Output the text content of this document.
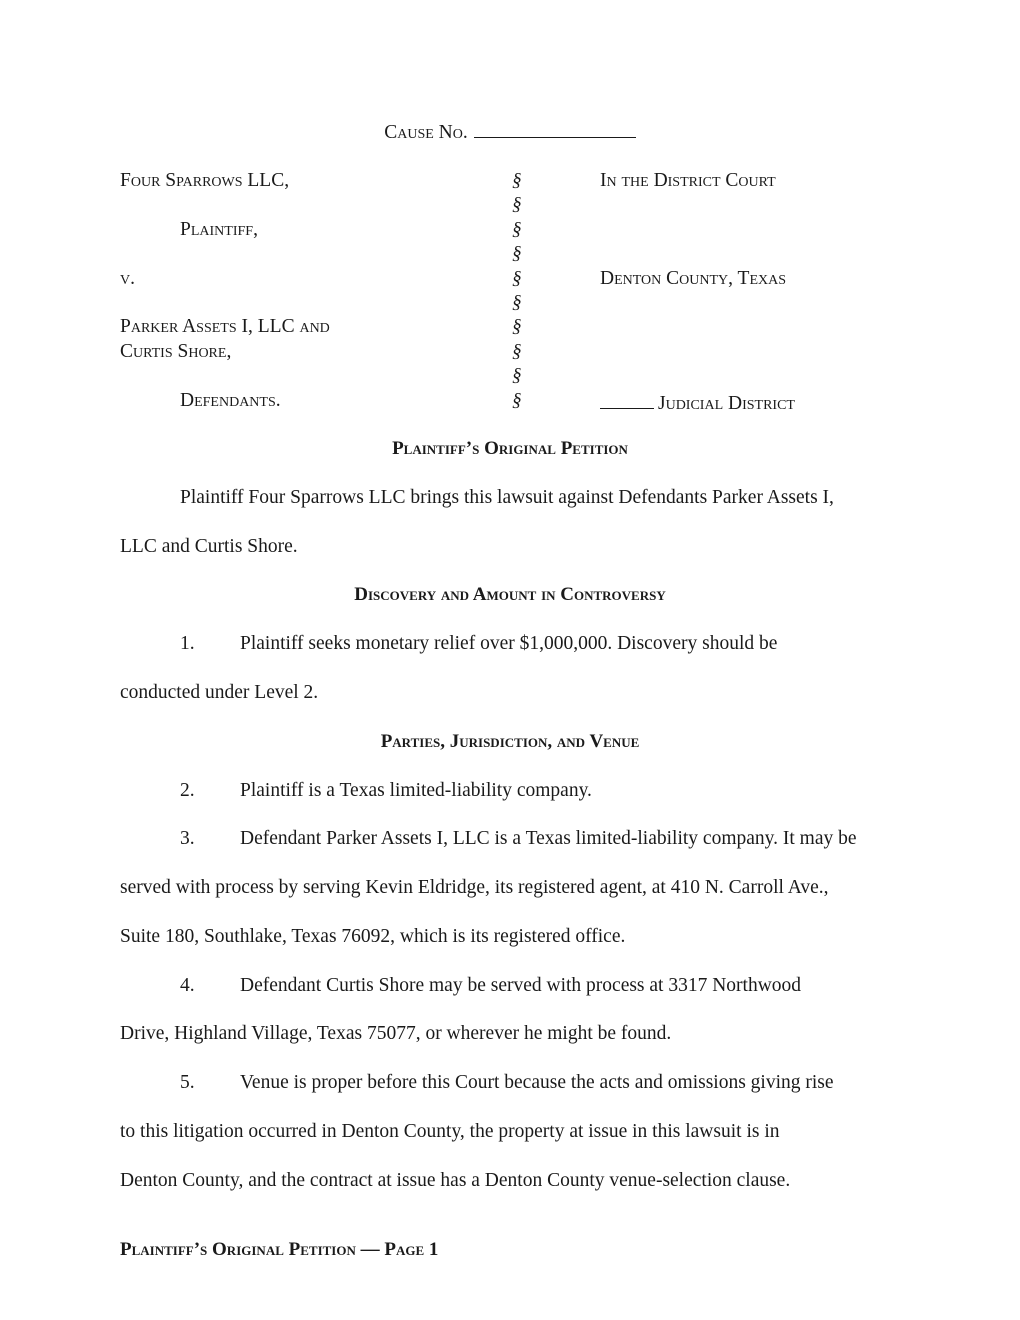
Cause No.
Four Sparrows LLC,
Plaintiff,
v.
Parker Assets I, LLC and
Curtis Shore,
Defendants.
§
§
§
§
§
§
§
§
§
§
In the District Court
Denton County, Texas
Judicial District
Plaintiff’s Original Petition
Plaintiff Four Sparrows LLC brings this lawsuit against Defendants Parker Assets I,
LLC and Curtis Shore.
Discovery and Amount in Controversy
1. Plaintiff seeks monetary relief over $1,000,000. Discovery should be
conducted under Level 2.
Parties, Jurisdiction, and Venue
2. Plaintiff is a Texas limited-liability company.
3. Defendant Parker Assets I, LLC is a Texas limited-liability company. It may be
served with process by serving Kevin Eldridge, its registered agent, at 410 N. Carroll Ave.,
Suite 180, Southlake, Texas 76092, which is its registered office.
4. Defendant Curtis Shore may be served with process at 3317 Northwood
Drive, Highland Village, Texas 75077, or wherever he might be found.
5. Venue is proper before this Court because the acts and omissions giving rise
to this litigation occurred in Denton County, the property at issue in this lawsuit is in
Denton County, and the contract at issue has a Denton County venue-selection clause.
Plaintiff’s Original Petition — Page 1
